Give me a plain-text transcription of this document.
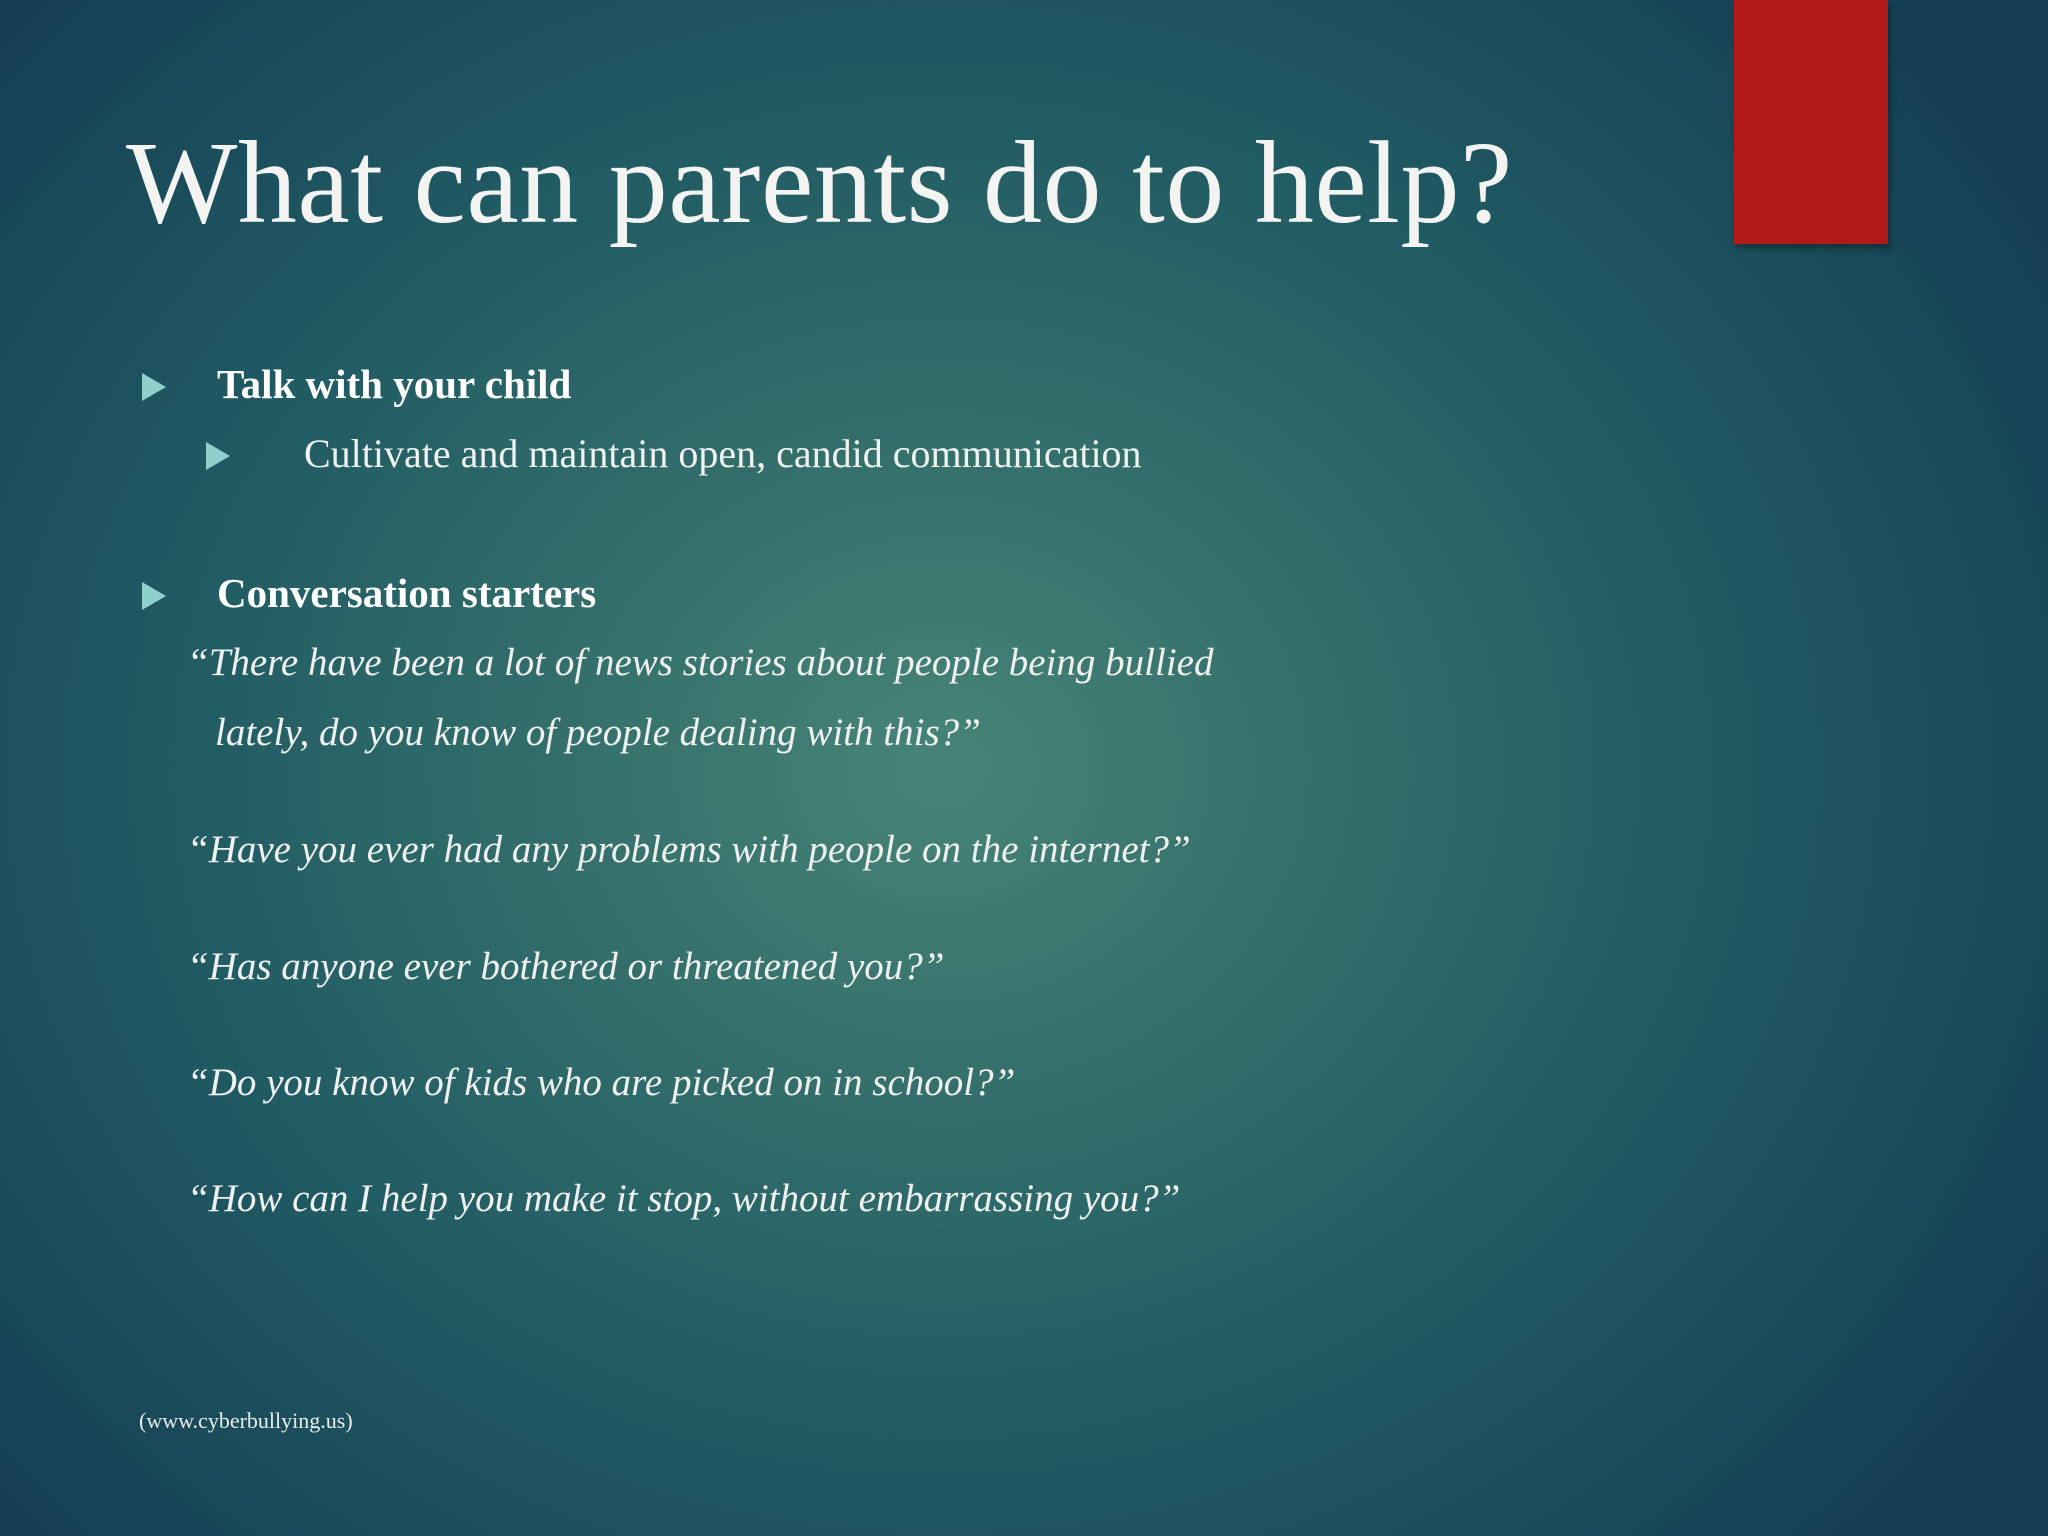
What can parents do to help?
Talk with your child
Cultivate and maintain open, candid communication
Conversation starters
“There have been a lot of news stories about people being bullied
lately, do you know of people dealing with this?”
“Have you ever had any problems with people on the internet?”
“Has anyone ever bothered or threatened you?”
“Do you know of kids who are picked on in school?”
“How can I help you make it stop, without embarrassing you?”
(www.cyberbullying.us)
